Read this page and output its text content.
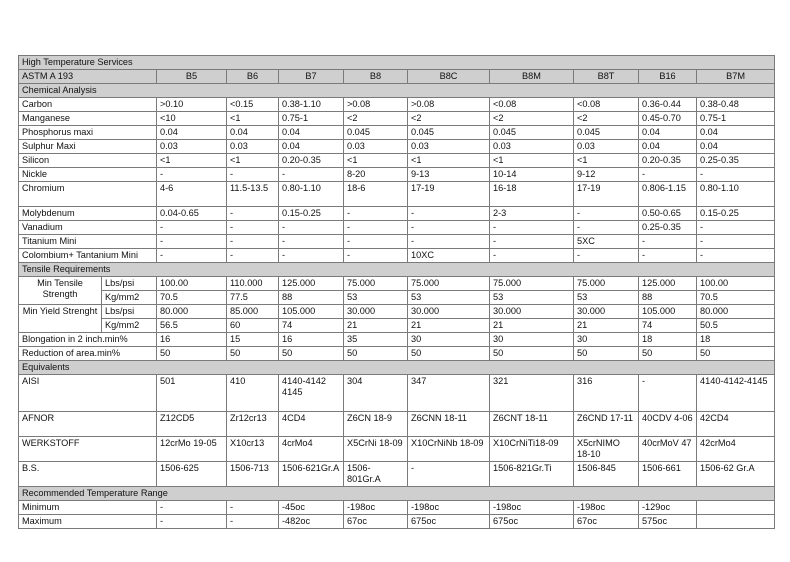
High Temperature Services										
ASTM A 193		B5	B6	B7	B8	B8C	B8M	B8T	B16	B7M
Chemical Analysis										
Carbon		>0.10	<0.15	0.38-1.10	>0.08	>0.08	<0.08	<0.08	0.36-0.44	0.38-0.48
Manganese		<10	<1	0.75-1	<2	<2	<2	<2	0.45-0.70	0.75-1
Phosphorus maxi		0.04	0.04	0.04	0.045	0.045	0.045	0.045	0.04	0.04
Sulphur Maxi		0.03	0.03	0.04	0.03	0.03	0.03	0.03	0.04	0.04
Silicon		<1	<1	0.20-0.35	<1	<1	<1	<1	0.20-0.35	0.25-0.35
Nickle		-	-	-	8-20	9-13	10-14	9-12	-	-
Chromium		4-6	11.5-13.5	0.80-1.10	18-6	17-19	16-18	17-19	0.806-1.15	0.80-1.10
Molybdenum		0.04-0.65	-	0.15-0.25	-	-	2-3	-	0.50-0.65	0.15-0.25
Vanadium		-	-	-	-	-	-	-	0.25-0.35	-
Titanium Mini		-	-	-	-	-	-	5XC	-	-
Colombium+ Tantanium Mini		-	-	-	-	10XC	-	-	-	-
Tensile Requirements										
Min Tensile Strength	Lbs/psi	100.00	110.000	125.000	75.000	75.000	75.000	75.000	125.000	100.00
	Kg/mm2	70.5	77.5	88	53	53	53	53	88	70.5
Min Yield Strenght	Lbs/psi	80.000	85.000	105.000	30.000	30.000	30.000	30.000	105.000	80.000
	Kg/mm2	56.5	60	74	21	21	21	21	74	50.5
Blongation in 2 inch.min%		16	15	16	35	30	30	30	18	18
Reduction of area.min%		50	50	50	50	50	50	50	50	50
Equivalents										
AISI		501	410	4140-4142 4145	304	347	321	316	-	4140-4142-4145
AFNOR		Z12CD5	Zr12cr13	4CD4	Z6CN 18-9	Z6CNN 18-11	Z6CNT 18-11	Z6CND 17-11	40CDV 4-06	42CD4
WERKSTOFF		12crMo 19-05	X10cr13	4crMo4	X5CrNi 18-09	X10CrNiNb 18-09	X10CrNiTi18-09	X5crNIMO 18-10	40crMoV 47	42crMo4
B.S.		1506-625	1506-713	1506-621Gr.A	1506-801Gr.A	-	1506-821Gr.Ti	1506-845	1506-661	1506-62 Gr.A
Recommended Temperature Range										
Minimum		-	-	-45oc	-198oc	-198oc	-198oc	-198oc	-129oc	
Maximum		-	-	-482oc	67oc	675oc	675oc	67oc	575oc	
